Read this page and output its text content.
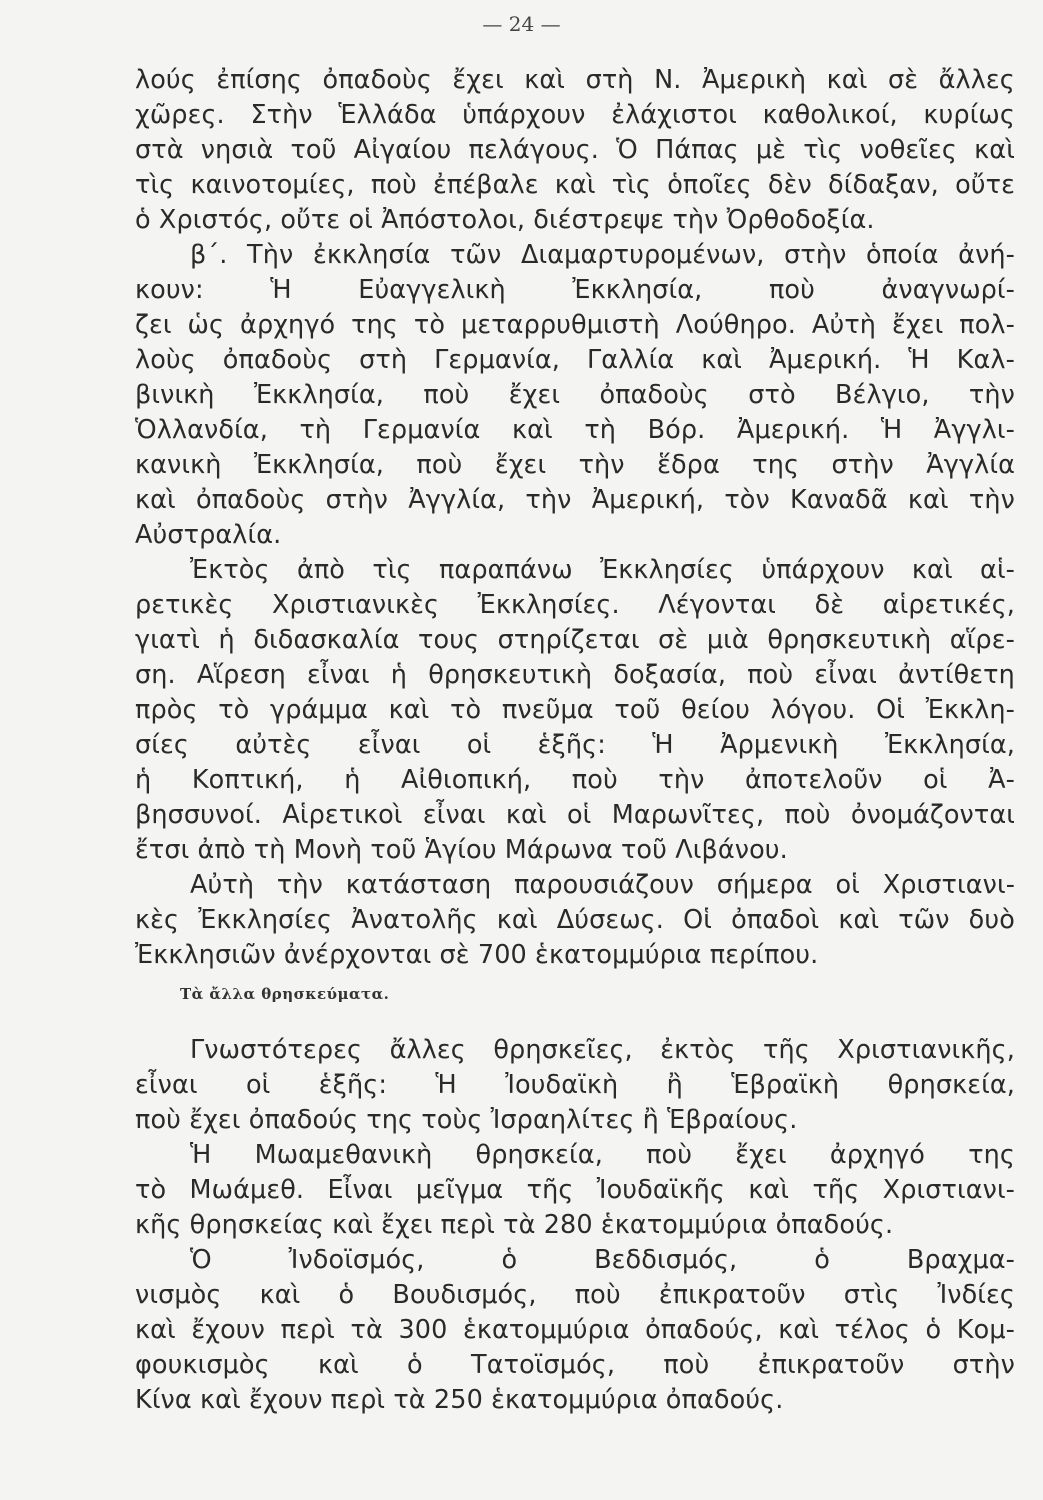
— 24 —
λούς ἐπίσης ὀπαδοὺς ἔχει καὶ στὴ Ν. Ἀμερικὴ καὶ σὲ ἄλλες
χῶρες. Στὴν Ἑλλάδα ὑπάρχουν ἐλάχιστοι καθολικοί, κυρίως
στὰ νησιὰ τοῦ Αἰγαίου πελάγους. Ὁ Πάπας μὲ τὶς νοθεῖες καὶ
τὶς καινοτομίες, ποὺ ἐπέβαλε καὶ τὶς ὁποῖες δὲν δίδαξαν, οὔτε
ὁ Χριστός, οὔτε οἱ Ἀπόστολοι, διέστρεψε τὴν Ὀρθοδοξία.
β΄. Τὴν ἐκκλησία τῶν Διαμαρτυρομένων, στὴν ὁποία ἀνή-
κουν:	Ἡ	Εὐαγγελικὴ	Ἐκκλησία,	ποὺ	ἀναγνωρί-
ζει ὡς ἀρχηγό της τὸ μεταρρυθμιστὴ Λούθηρο. Αὐτὴ ἔχει πολ-
λοὺς ὀπαδοὺς στὴ Γερμανία, Γαλλία καὶ Ἀμερική. Ἡ Καλ-
βινικὴ Ἐκκλησία, ποὺ ἔχει ὀπαδοὺς στὸ Βέλγιο, τὴν
Ὁλλανδία, τὴ Γερμανία καὶ τὴ Βόρ. Ἀμερική. Ἡ Ἀγγλι-
κανικὴ Ἐκκλησία, ποὺ ἔχει τὴν ἕδρα της στὴν Ἀγγλία
καὶ ὀπαδοὺς στὴν Ἀγγλία, τὴν Ἀμερική, τὸν Καναδᾶ καὶ τὴν
Αὐστραλία.
Ἐκτὸς ἀπὸ τὶς παραπάνω Ἐκκλησίες ὑπάρχουν καὶ αἱ-
ρετικὲς Χριστιανικὲς Ἐκκλησίες. Λέγονται δὲ αἱρετικές,
γιατὶ ἡ διδασκαλία τους στηρίζεται σὲ μιὰ θρησκευτικὴ αἵρε-
ση. Αἵρεση εἶναι ἡ θρησκευτικὴ δοξασία, ποὺ εἶναι ἀντίθετη
πρὸς τὸ γράμμα καὶ τὸ πνεῦμα τοῦ θείου λόγου. Οἱ Ἐκκλη-
σίες αὐτὲς εἶναι οἱ ἑξῆς: Ἡ Ἀρμενικὴ Ἐκκλησία,
ἡ Κοπτική, ἡ Αἰθιοπική, ποὺ τὴν ἀποτελοῦν οἱ Ἀ-
βησσυνοί. Αἱρετικοὶ εἶναι καὶ οἱ Μαρωνῖτες, ποὺ ὀνομάζονται
ἔτσι ἀπὸ τὴ Μονὴ τοῦ Ἁγίου Μάρωνα τοῦ Λιβάνου.
Αὐτὴ τὴν κατάσταση παρουσιάζουν σήμερα οἱ Χριστιανι-
κὲς Ἐκκλησίες Ἀνατολῆς καὶ Δύσεως. Οἱ ὀπαδοὶ καὶ τῶν δυὸ
Ἐκκλησιῶν ἀνέρχονται σὲ 700 ἑκατομμύρια περίπου.
Τὰ ἄλλα θρησκεύματα.
Γνωστότερες ἄλλες θρησκεῖες, ἐκτὸς τῆς Χριστιανικῆς,
εἶναι οἱ ἑξῆς: Ἡ Ἰουδαϊκὴ ἢ Ἑβραϊκὴ θρησκεία,
ποὺ ἔχει ὀπαδούς της τοὺς Ἰσραηλίτες ἢ Ἑβραίους.
Ἡ Μωαμεθανικὴ θρησκεία, ποὺ ἔχει ἀρχηγό της
τὸ Μωάμεθ. Εἶναι μεῖγμα τῆς Ἰουδαϊκῆς καὶ τῆς Χριστιανι-
κῆς θρησκείας καὶ ἔχει περὶ τὰ 280 ἑκατομμύρια ὀπαδούς.
Ὁ	Ἰνδοϊσμός,	ὁ	Βεδδισμός,	ὁ	Βραχμα-
νισμὸς καὶ ὁ Βουδισμός, ποὺ ἐπικρατοῦν στὶς Ἰνδίες
καὶ ἔχουν περὶ τὰ 300 ἑκατομμύρια ὀπαδούς, καὶ τέλος ὁ Κομ-
φουκισμὸς καὶ ὁ Τατοϊσμός, ποὺ ἐπικρατοῦν στὴν
Κίνα καὶ ἔχουν περὶ τὰ 250 ἑκατομμύρια ὀπαδούς.
